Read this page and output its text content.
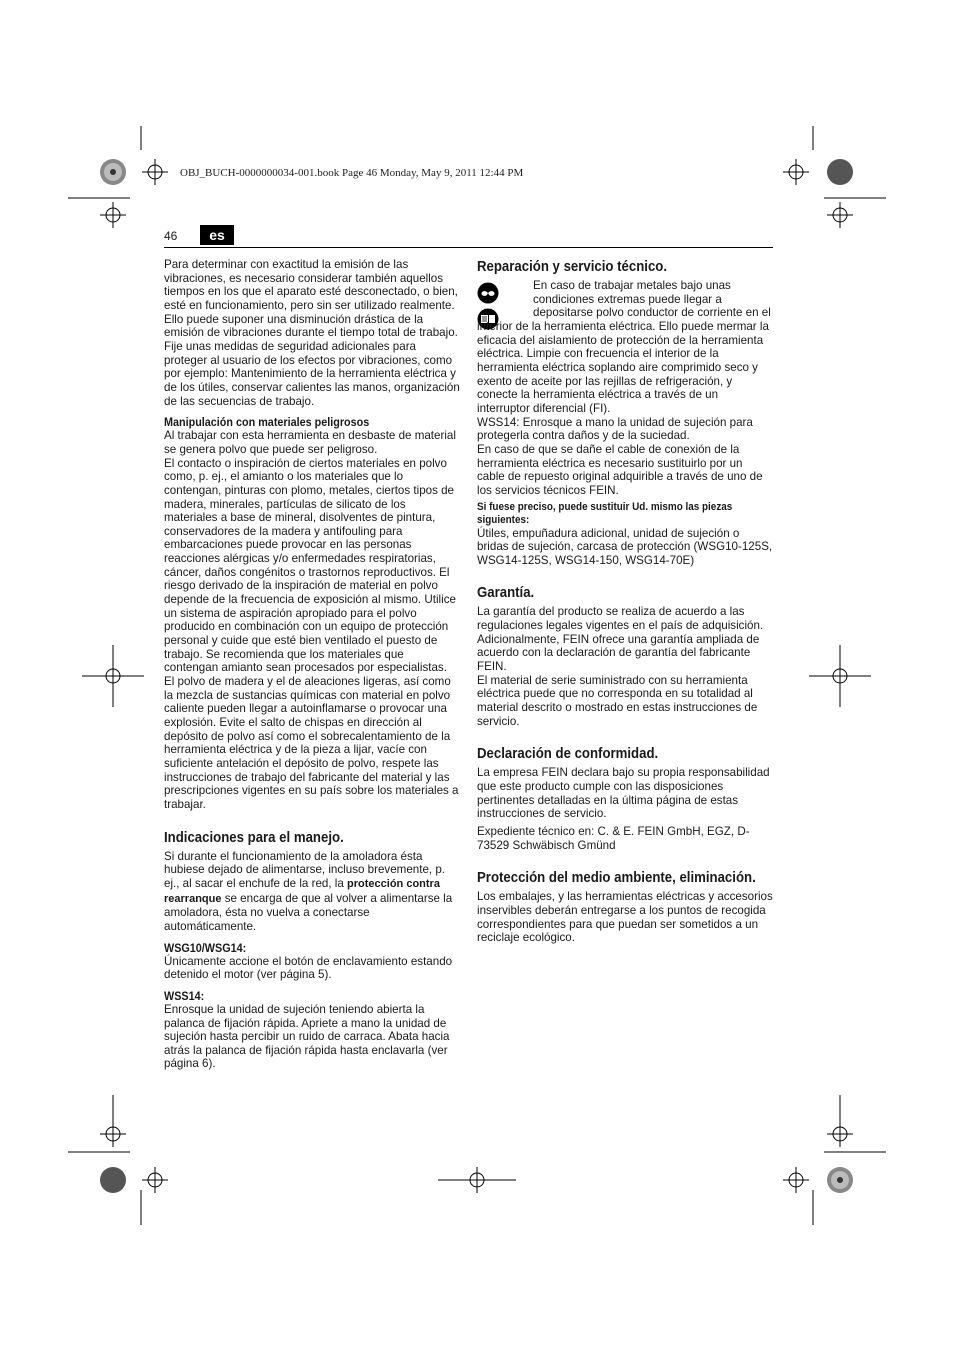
OBJ_BUCH-0000000034-001.book Page 46 Monday, May 9, 2011 12:44 PM
46	es

Para determinar con exactitud la emisión de las vibraciones, es necesario considerar también aquellos tiempos en los que el aparato esté desconectado, o bien, esté en funcionamiento, pero sin ser utilizado realmente. Ello puede suponer una disminución drástica de la emisión de vibraciones durante el tiempo total de trabajo.

Fije unas medidas de seguridad adicionales para proteger al usuario de los efectos por vibraciones, como por ejemplo: Mantenimiento de la herramienta eléctrica y de los útiles, conservar calientes las manos, organización de las secuencias de trabajo.

Manipulación con materiales peligrosos

Al trabajar con esta herramienta en desbaste de material se genera polvo que puede ser peligroso.

El contacto o inspiración de ciertos materiales en polvo como, p. ej., el amianto o los materiales que lo contengan, pinturas con plomo, metales, ciertos tipos de madera, minerales, partículas de silicato de los materiales a base de mineral, disolventes de pintura, conservadores de la madera y antifouling para embarcaciones puede provocar en las personas reacciones alérgicas y/o enfermedades respiratorias, cáncer, daños congénitos o trastornos reproductivos. El riesgo derivado de la inspiración de material en polvo depende de la frecuencia de exposición al mismo. Utilice un sistema de aspiración apropiado para el polvo producido en combinación con un equipo de protección personal y cuide que esté bien ventilado el puesto de trabajo. Se recomienda que los materiales que contengan amianto sean procesados por especialistas.

El polvo de madera y el de aleaciones ligeras, así como la mezcla de sustancias químicas con material en polvo caliente pueden llegar a autoinflamarse o provocar una explosión. Evite el salto de chispas en dirección al depósito de polvo así como el sobrecalentamiento de la herramienta eléctrica y de la pieza a lijar, vacíe con suficiente antelación el depósito de polvo, respete las instrucciones de trabajo del fabricante del material y las prescripciones vigentes en su país sobre los materiales a trabajar.

Indicaciones para el manejo.

Si durante el funcionamiento de la amoladora ésta hubiese dejado de alimentarse, incluso brevemente, p. ej., al sacar el enchufe de la red, la protección contra rearranque se encarga de que al volver a alimentarse la amoladora, ésta no vuelva a conectarse automáticamente.

WSG10/WSG14:

Únicamente accione el botón de enclavamiento estando detenido el motor (ver página 5).

WSS14:

Enrosque la unidad de sujeción teniendo abierta la palanca de fijación rápida. Apriete a mano la unidad de sujeción hasta percibir un ruido de carraca. Abata hacia atrás la palanca de fijación rápida hasta enclavarla (ver página 6).

Reparación y servicio técnico.

En caso de trabajar metales bajo unas condiciones extremas puede llegar a depositarse polvo conductor de corriente en el interior de la herramienta eléctrica. Ello puede mermar la eficacia del aislamiento de protección de la herramienta eléctrica. Limpie con frecuencia el interior de la herramienta eléctrica soplando aire comprimido seco y exento de aceite por las rejillas de refrigeración, y conecte la herramienta eléctrica a través de un interruptor diferencial (FI).

WSS14: Enrosque a mano la unidad de sujeción para protegerla contra daños y de la suciedad.

En caso de que se dañe el cable de conexión de la herramienta eléctrica es necesario sustituirlo por un cable de repuesto original adquirible a través de uno de los servicios técnicos FEIN.

Si fuese preciso, puede sustituir Ud. mismo las piezas siguientes:

Útiles, empuñadura adicional, unidad de sujeción o bridas de sujeción, carcasa de protección (WSG10-125S, WSG14-125S, WSG14-150, WSG14-70E)

Garantía.

La garantía del producto se realiza de acuerdo a las regulaciones legales vigentes en el país de adquisición. Adicionalmente, FEIN ofrece una garantía ampliada de acuerdo con la declaración de garantía del fabricante FEIN.

El material de serie suministrado con su herramienta eléctrica puede que no corresponda en su totalidad al material descrito o mostrado en estas instrucciones de servicio.

Declaración de conformidad.

La empresa FEIN declara bajo su propia responsabilidad que este producto cumple con las disposiciones pertinentes detalladas en la última página de estas instrucciones de servicio.

Expediente técnico en: C. & E. FEIN GmbH, EGZ, D-73529 Schwäbisch Gmünd

Protección del medio ambiente, eliminación.

Los embalajes, y las herramientas eléctricas y accesorios inservibles deberán entregarse a los puntos de recogida correspondientes para que puedan ser sometidos a un reciclaje ecológico.
